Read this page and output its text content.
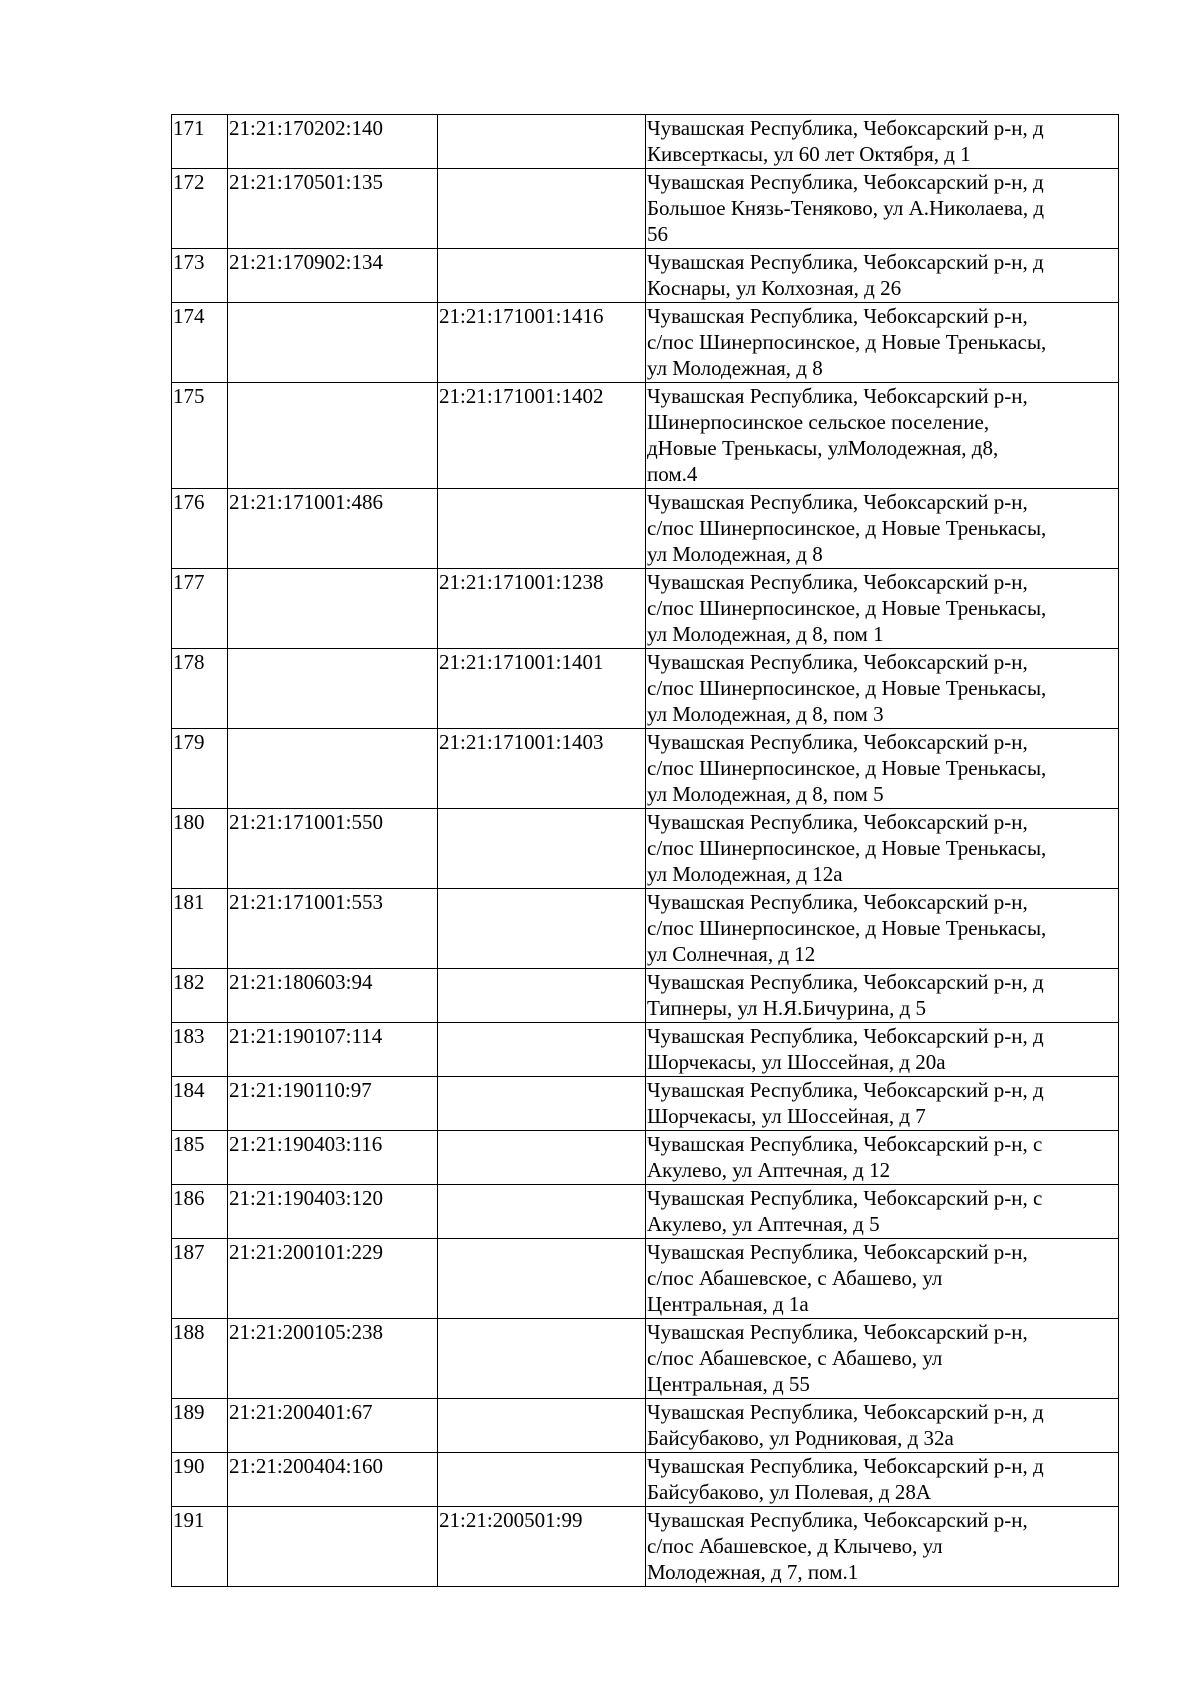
171	21:21:170202:140		Чувашская Республика, Чебоксарский р-н, д
Кивсерткасы, ул 60 лет Октября, д 1
172	21:21:170501:135		Чувашская Республика, Чебоксарский р-н, д
Большое Князь-Теняково, ул А.Николаева, д
56
173	21:21:170902:134		Чувашская Республика, Чебоксарский р-н, д
Коснары, ул Колхозная, д 26
174		21:21:171001:1416	Чувашская Республика, Чебоксарский р-н,
с/пос Шинерпосинское, д Новые Тренькасы,
ул Молодежная, д 8
175		21:21:171001:1402	Чувашская Республика, Чебоксарский р-н,
Шинерпосинское сельское поселение,
дНовые Тренькасы, улМолодежная, д8,
пом.4
176	21:21:171001:486		Чувашская Республика, Чебоксарский р-н,
с/пос Шинерпосинское, д Новые Тренькасы,
ул Молодежная, д 8
177		21:21:171001:1238	Чувашская Республика, Чебоксарский р-н,
с/пос Шинерпосинское, д Новые Тренькасы,
ул Молодежная, д 8, пом 1
178		21:21:171001:1401	Чувашская Республика, Чебоксарский р-н,
с/пос Шинерпосинское, д Новые Тренькасы,
ул Молодежная, д 8, пом 3
179		21:21:171001:1403	Чувашская Республика, Чебоксарский р-н,
с/пос Шинерпосинское, д Новые Тренькасы,
ул Молодежная, д 8, пом 5
180	21:21:171001:550		Чувашская Республика, Чебоксарский р-н,
с/пос Шинерпосинское, д Новые Тренькасы,
ул Молодежная, д 12а
181	21:21:171001:553		Чувашская Республика, Чебоксарский р-н,
с/пос Шинерпосинское, д Новые Тренькасы,
ул Солнечная, д 12
182	21:21:180603:94		Чувашская Республика, Чебоксарский р-н, д
Типнеры, ул Н.Я.Бичурина, д 5
183	21:21:190107:114		Чувашская Республика, Чебоксарский р-н, д
Шорчекасы, ул Шоссейная, д 20а
184	21:21:190110:97		Чувашская Республика, Чебоксарский р-н, д
Шорчекасы, ул Шоссейная, д 7
185	21:21:190403:116		Чувашская Республика, Чебоксарский р-н, с
Акулево, ул Аптечная, д 12
186	21:21:190403:120		Чувашская Республика, Чебоксарский р-н, с
Акулево, ул Аптечная, д 5
187	21:21:200101:229		Чувашская Республика, Чебоксарский р-н,
с/пос Абашевское, с Абашево, ул
Центральная, д 1а
188	21:21:200105:238		Чувашская Республика, Чебоксарский р-н,
с/пос Абашевское, с Абашево, ул
Центральная, д 55
189	21:21:200401:67		Чувашская Республика, Чебоксарский р-н, д
Байсубаково, ул Родниковая, д 32а
190	21:21:200404:160		Чувашская Республика, Чебоксарский р-н, д
Байсубаково, ул Полевая, д 28А
191		21:21:200501:99	Чувашская Республика, Чебоксарский р-н,
с/пос Абашевское, д Клычево, ул
Молодежная, д 7, пом.1
